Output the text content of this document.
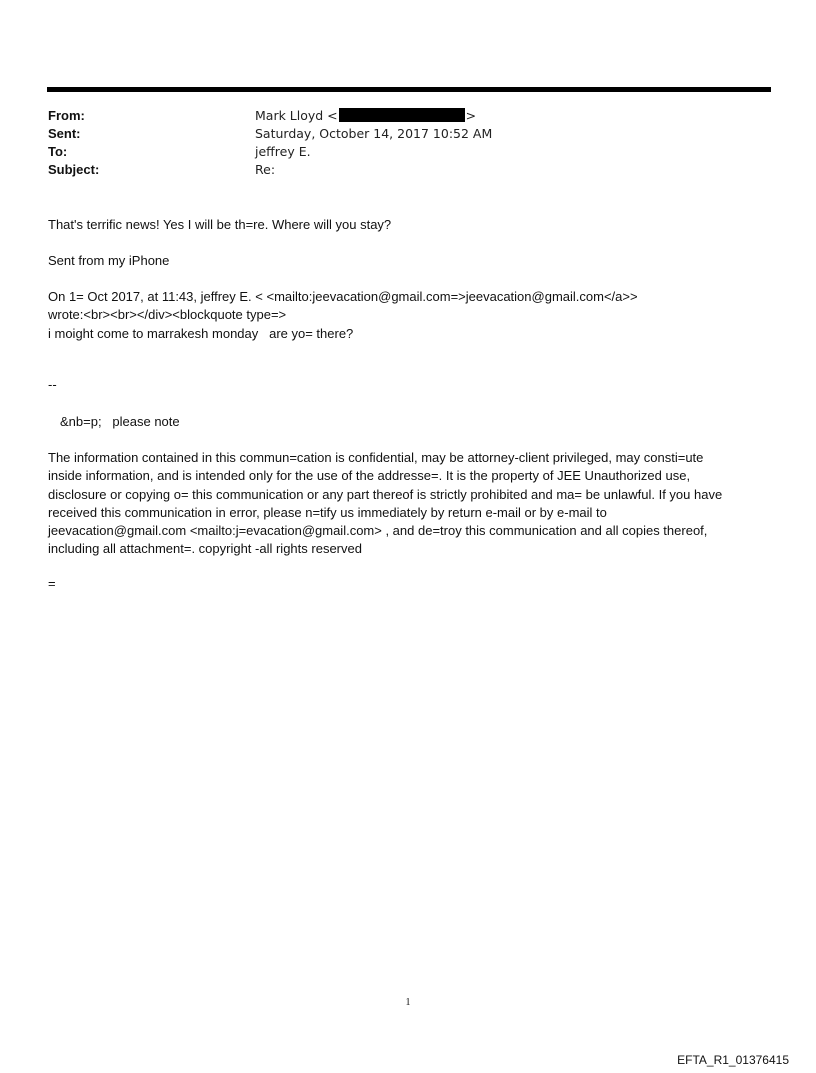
From:	Mark Lloyd <	>
Sent:	Saturday, October 14, 2017 10:52 AM
To:	jeffrey E.
Subject:	Re:
That's terrific news! Yes I will be th=re. Where will you stay?
Sent from my iPhone
On 1= Oct 2017, at 11:43, jeffrey E. < <mailto:jeevacation@gmail.com=>jeevacation@gmail.com</a>>
wrote:<br><br></div><blockquote type=>
i moight come to marrakesh monday   are yo= there?
--
&nb=p;   please note
The information contained in this commun=cation is confidential, may be attorney-client privileged, may consti=ute
inside information, and is intended only for the use of the addresse=. It is the property of JEE Unauthorized use,
disclosure or copying o= this communication or any part thereof is strictly prohibited and ma= be unlawful. If you have
received this communication in error, please n=tify us immediately by return e-mail or by e-mail to
jeevacation@gmail.com <mailto:j=evacation@gmail.com> , and de=troy this communication and all copies thereof,
including all attachment=. copyright -all rights reserved
=
1
EFTA_R1_01376415
